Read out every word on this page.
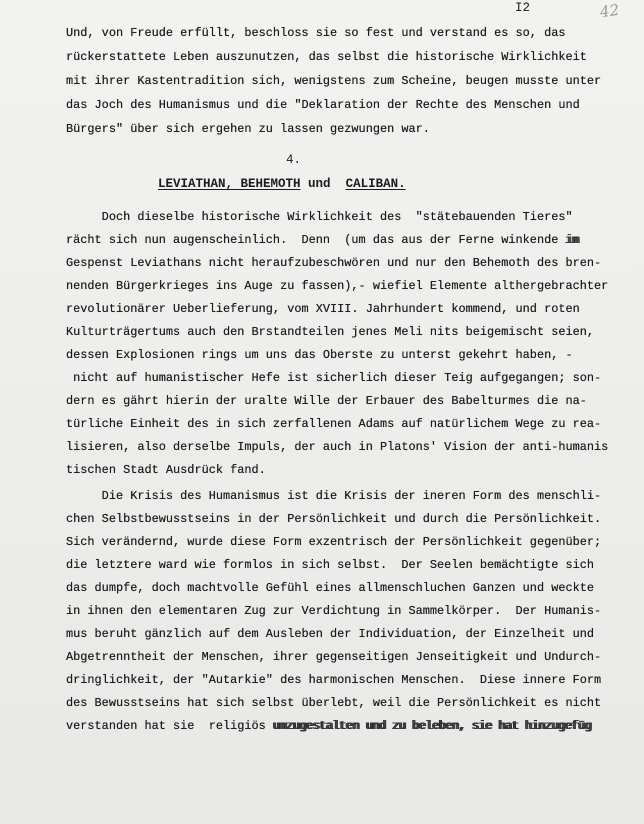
I2	42

Und, von Freude erfüllt, beschloss sie so fest und verstand es so, das

rückerstattete Leben auszunutzen, das selbst die historische Wirklichkeit

mit ihrer Kastentradition sich, wenigstens zum Scheine, beugen musste unter

das Joch des Humanismus und die "Deklaration der Rechte des Menschen und

Bürgers" über sich ergehen zu lassen gezwungen war.

4.
LEVIATHAN, BEHEMOTH und CALIBAN.

Doch dieselbe historische Wirklichkeit des  "stätebauenden Tieres"

rächt sich nun augenscheinlich.  Denn  (um das aus der Ferne winkende im

Gespenst Leviathans nicht heraufzubeschwören und nur den Behemoth des bren-

nenden Bürgerkrieges ins Auge zu fassen),- wiefiel Elemente althergebrachter

revolutionärer Ueberlieferung, vom XVIII. Jahrhundert kommend, und roten

Kulturträgertums auch den Brstandteilen jenes Meli nits beigemischt seien,

dessen Explosionen rings um uns das Oberste zu unterst gekehrt haben, -

nicht auf humanistischer Hefe ist sicherlich dieser Teig aufgegangen; son-

dern es gährt hierin der uralte Wille der Erbauer des Babelturmes die na-

türliche Einheit des in sich zerfallenen Adams auf natürlichem Wege zu rea-

lisieren, also derselbe Impuls, der auch in Platons' Vision der anti-humanis

tischen Stadt Ausdrück fand.

Die Krisis des Humanismus ist die Krisis der ineren Form des menschli-

chen Selbstbewusstseins in der Persönlichkeit und durch die Persönlichkeit.

Sich verändernd, wurde diese Form exzentrisch der Persönlichkeit gegenüber;

die letztere ward wie formlos in sich selbst.  Der Seelen bemächtigte sich

das dumpfe, doch machtvolle Gefühl eines allmenschluchen Ganzen und weckte

in ihnen den elementaren Zug zur Verdichtung in Sammelkörper.  Der Humanis-

mus beruht gänzlich auf dem Ausleben der Individuation, der Einzelheit und

Abgetrenntheit der Menschen, ihrer gegenseitigen Jenseitigkeit und Undurch-

dringlichkeit, der "Autarkie" des harmonischen Menschen.  Diese innere Form

des Bewusstseins hat sich selbst überlebt, weil die Persönlichkeit es nicht

verstanden hat sie  religiös umzugestalten und zu beleben, sie hat hinzugefüg
